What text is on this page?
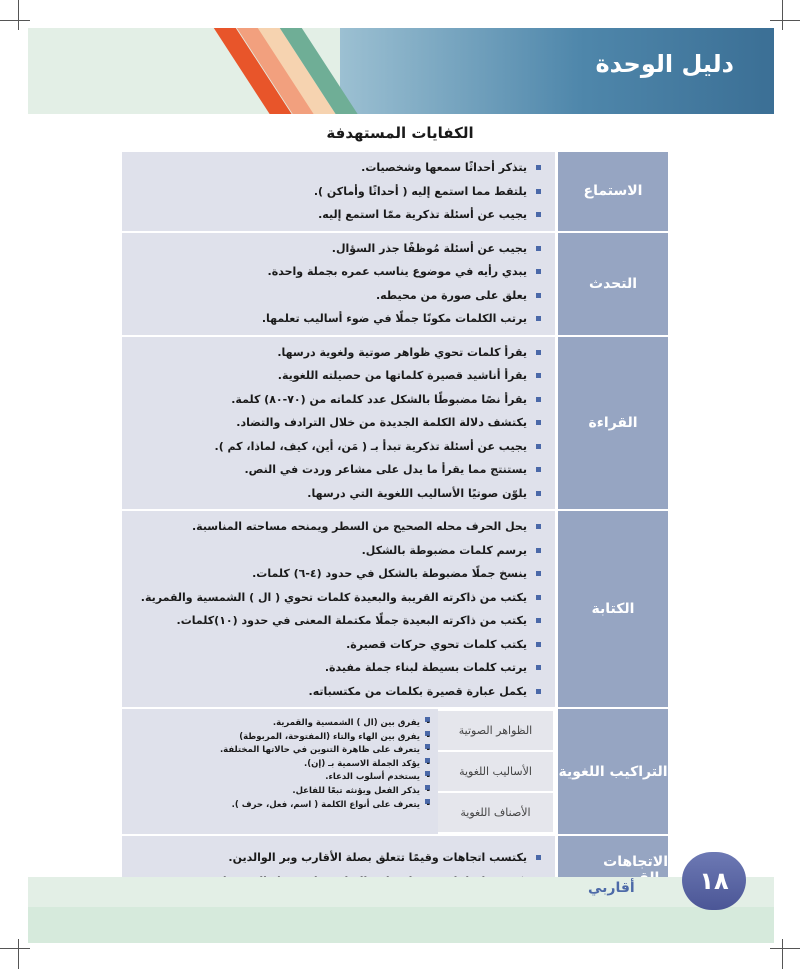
دليل الوحدة
الكفايات المستهدفة
الاستماع
يتذكر أحداثًا سمعها وشخصيات.
يلتقط مما استمع إليه ( أحداثًا وأماكن ).
يجيب عن أسئلة تذكرية ممّا استمع إليه.
التحدث
يجيب عن أسئلة مُوظفًا جذر السؤال.
يبدي رأيه في موضوع يناسب عمره بجملة واحدة.
يعلق على صورة من محيطه.
يرتب الكلمات مكونًا جملًا في ضوء أساليب تعلمها.
القراءة
يقرأ كلمات تحوي ظواهر صوتية ولغوية درسها.
يقرأ أناشيد قصيرة كلماتها من حصيلته اللغوية.
يقرأ نصًا مضبوطًا بالشكل عدد كلماته من (٧٠-٨٠) كلمة.
يكتشف دلالة الكلمة الجديدة من خلال الترادف والتضاد.
يجيب عن أسئلة تذكرية تبدأ بـ ( مَن، أين، كيف، لماذا، كم ).
يستنتج مما يقرأ ما يدل على مشاعر وردت في النص.
يلوّن صوتيًا الأساليب اللغوية التي درسها.
الكتابة
يحل الحرف محله الصحيح من السطر ويمنحه مساحته المناسبة.
يرسم كلمات مضبوطة بالشكل.
ينسخ جملًا مضبوطة بالشكل في حدود (٤-٦) كلمات.
يكتب من ذاكرته القريبة والبعيدة كلمات تحوي ( ال ) الشمسية والقمرية.
يكتب من ذاكرته البعيدة جملًا مكتملة المعنى في حدود (١٠)كلمات.
يكتب كلمات تحوي حركات قصيرة.
يرتب كلمات بسيطة لبناء جملة مفيدة.
يكمل عبارة قصيرة بكلمات من مكتسباته.
التراكيب اللغوية
الظواهر الصوتية
الأساليب اللغوية
الأصناف اللغوية
- يفرق بين (ال ) الشمسية والقمرية.
- يفرق بين الهاء والتاء (المفتوحة، المربوطة)
- يتعرف على ظاهرة التنوين في حالاتها المختلفة.
- يؤكد الجملة الاسمية بـ (إن).
- يستخدم أسلوب الدعاء.
- يذكر الفعل ويؤنثه تبعًا للفاعل.
- يتعرف على أنواع الكلمة ( اسم، فعل، حرف ).
الاتجاهات
يكتسب اتجاهات وقيمًا تتعلق بصلة الأقارب وبر الوالدين.
١٨

أقاربي
